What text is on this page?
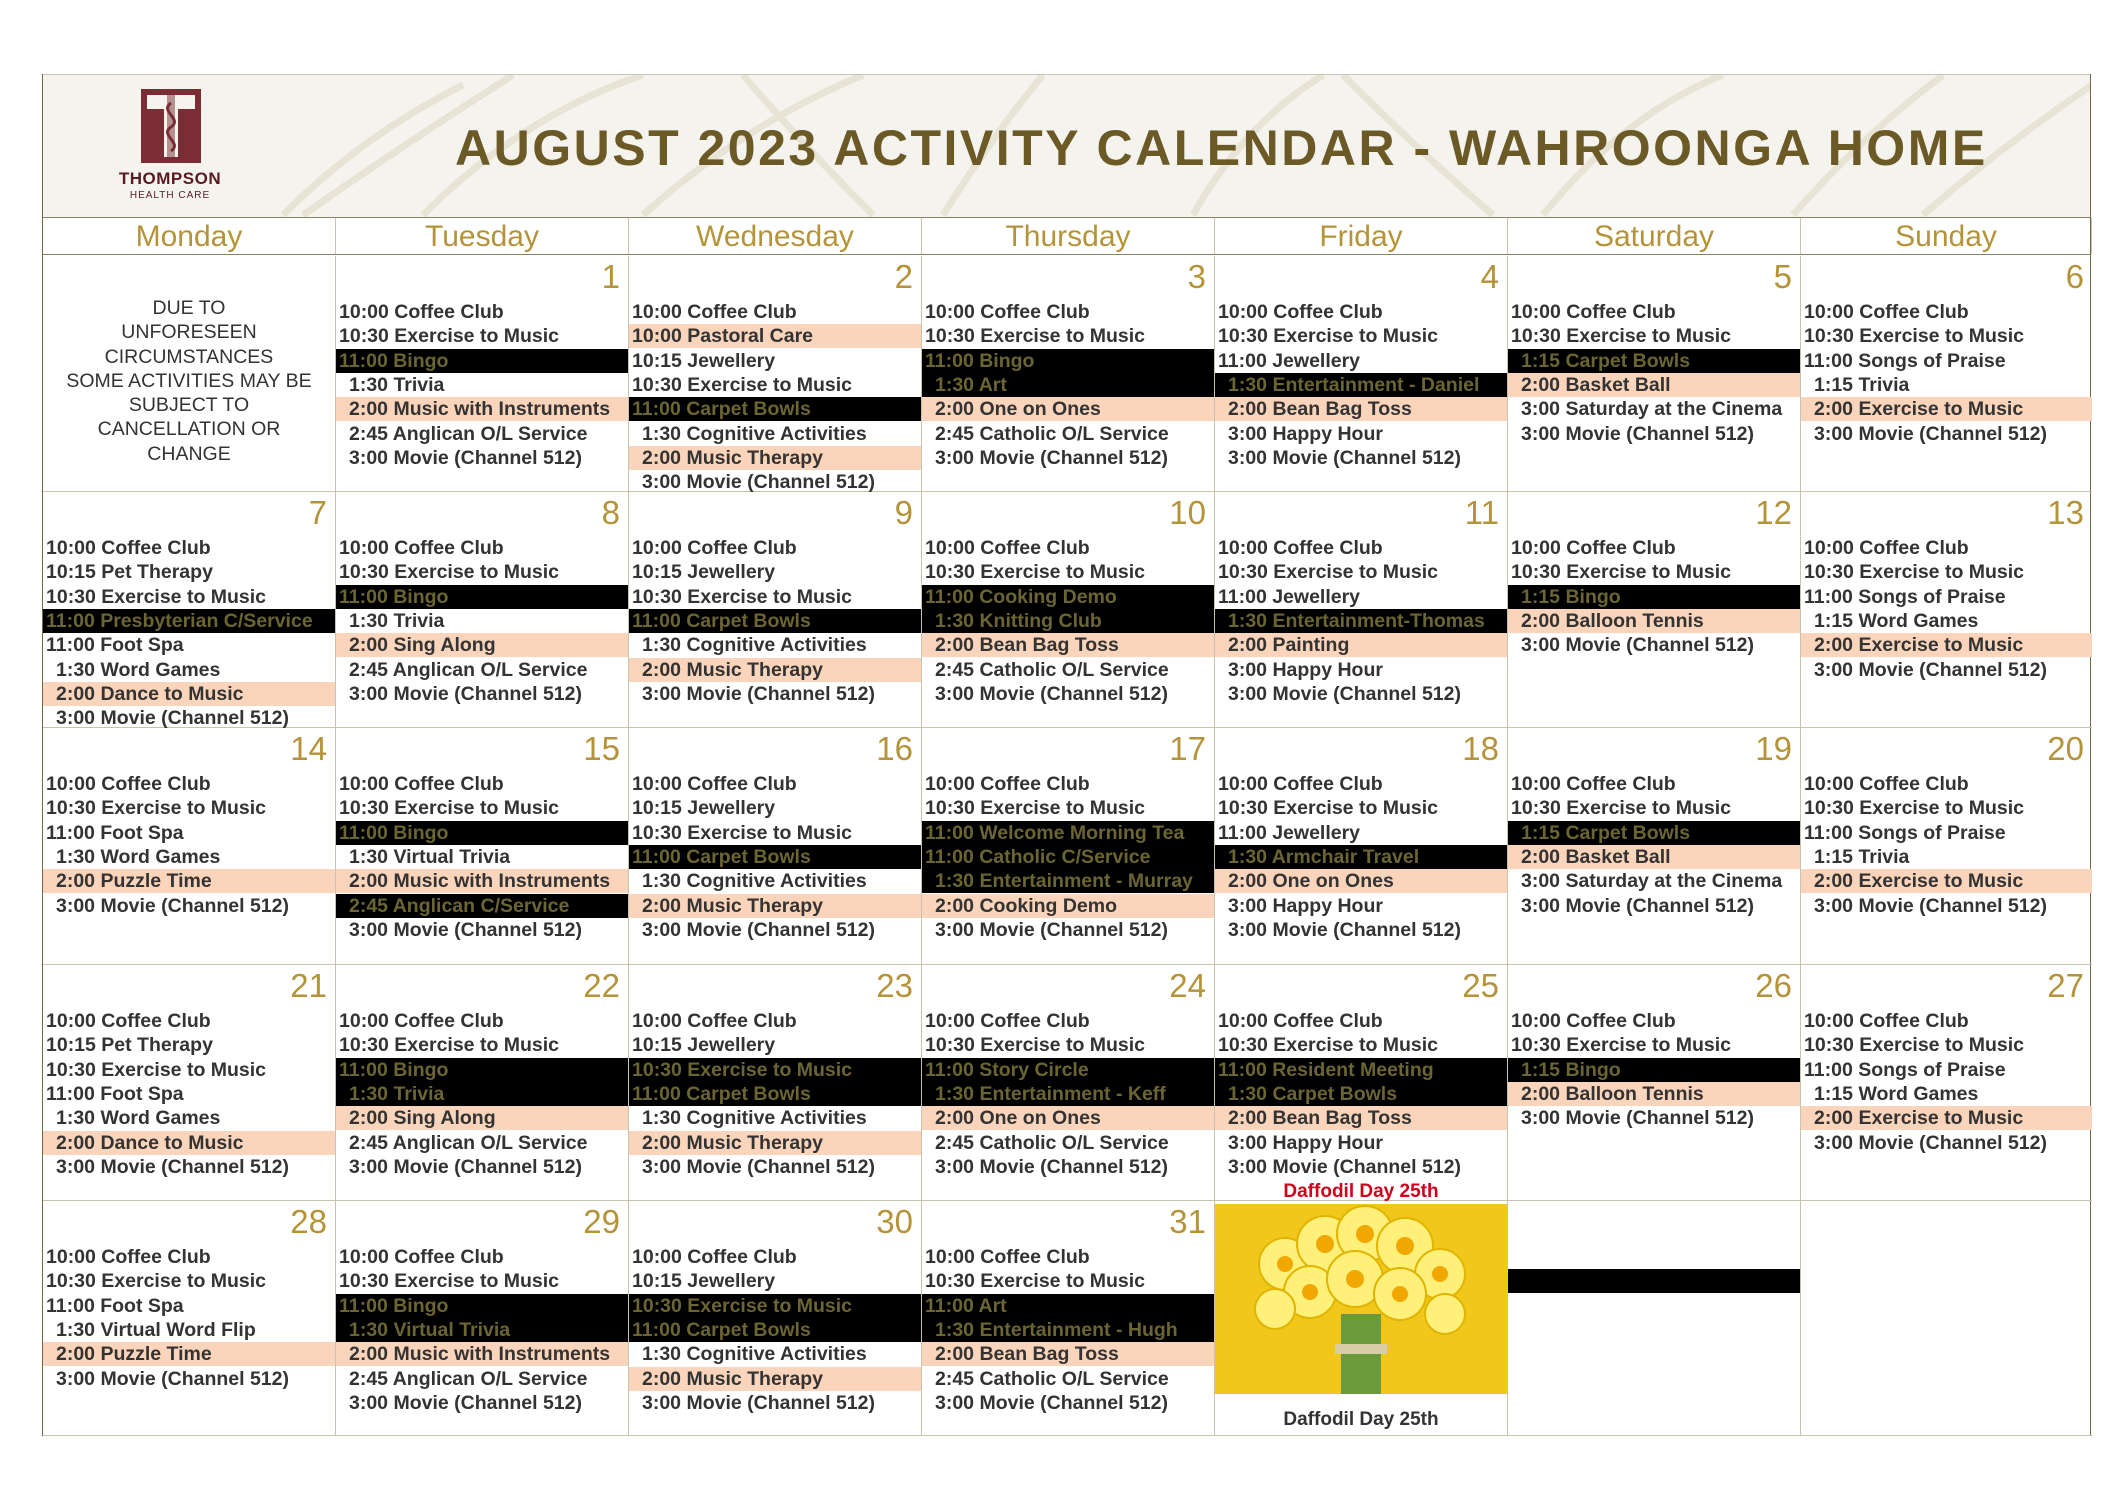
THOMPSON
HEALTH CARE
AUGUST 2023 ACTIVITY CALENDAR - WAHROONGA HOME
Monday	Tuesday	Wednesday	Thursday	Friday	Saturday	Sunday
DUE TO
UNFORESEEN
CIRCUMSTANCES
SOME ACTIVITIES MAY BE
SUBJECT TO
CANCELLATION OR
CHANGE
1
10:00 Coffee Club
10:30 Exercise to Music
11:00 Bingo
1:30 Trivia
2:00 Music with Instruments
2:45 Anglican O/L Service
3:00 Movie (Channel 512)
2
10:00 Coffee Club
10:00 Pastoral Care
10:15 Jewellery
10:30 Exercise to Music
11:00 Carpet Bowls
1:30 Cognitive Activities
2:00 Music Therapy
3:00 Movie (Channel 512)
3
10:00 Coffee Club
10:30 Exercise to Music
11:00 Bingo
1:30 Art
2:00 One on Ones
2:45 Catholic O/L Service
3:00 Movie (Channel 512)
4
10:00 Coffee Club
10:30 Exercise to Music
11:00 Jewellery
1:30 Entertainment - Daniel
2:00 Bean Bag Toss
3:00 Happy Hour
3:00 Movie (Channel 512)
5
10:00 Coffee Club
10:30 Exercise to Music
1:15 Carpet Bowls
2:00 Basket Ball
3:00 Saturday at the Cinema
3:00 Movie (Channel 512)
6
10:00 Coffee Club
10:30 Exercise to Music
11:00 Songs of Praise
1:15 Trivia
2:00 Exercise to Music
3:00 Movie (Channel 512)
7
10:00 Coffee Club
10:15 Pet Therapy
10:30 Exercise to Music
11:00 Presbyterian C/Service
11:00 Foot Spa
1:30 Word Games
2:00 Dance to Music
3:00 Movie (Channel 512)
8
10:00 Coffee Club
10:30 Exercise to Music
11:00 Bingo
1:30 Trivia
2:00 Sing Along
2:45 Anglican O/L Service
3:00 Movie (Channel 512)
9
10:00 Coffee Club
10:15 Jewellery
10:30 Exercise to Music
11:00 Carpet Bowls
1:30 Cognitive Activities
2:00 Music Therapy
3:00 Movie (Channel 512)
10
10:00 Coffee Club
10:30 Exercise to Music
11:00 Cooking Demo
1:30 Knitting Club
2:00 Bean Bag Toss
2:45 Catholic O/L Service
3:00 Movie (Channel 512)
11
10:00 Coffee Club
10:30 Exercise to Music
11:00 Jewellery
1:30 Entertainment-Thomas
2:00 Painting
3:00 Happy Hour
3:00 Movie (Channel 512)
12
10:00 Coffee Club
10:30 Exercise to Music
1:15 Bingo
2:00 Balloon Tennis
3:00 Movie (Channel 512)
13
10:00 Coffee Club
10:30 Exercise to Music
11:00 Songs of Praise
1:15 Word Games
2:00 Exercise to Music
3:00 Movie (Channel 512)
14
10:00 Coffee Club
10:30 Exercise to Music
11:00 Foot Spa
1:30 Word Games
2:00 Puzzle Time
3:00 Movie (Channel 512)
15
10:00 Coffee Club
10:30 Exercise to Music
11:00 Bingo
1:30 Virtual Trivia
2:00 Music with Instruments
2:45 Anglican C/Service
3:00 Movie (Channel 512)
16
10:00 Coffee Club
10:15 Jewellery
10:30 Exercise to Music
11:00 Carpet Bowls
1:30 Cognitive Activities
2:00 Music Therapy
3:00 Movie (Channel 512)
17
10:00 Coffee Club
10:30 Exercise to Music
11:00 Welcome Morning Tea
11:00 Catholic C/Service
1:30 Entertainment - Murray
2:00 Cooking Demo
3:00 Movie (Channel 512)
18
10:00 Coffee Club
10:30 Exercise to Music
11:00 Jewellery
1:30 Armchair Travel
2:00 One on Ones
3:00 Happy Hour
3:00 Movie (Channel 512)
19
10:00 Coffee Club
10:30 Exercise to Music
1:15 Carpet Bowls
2:00 Basket Ball
3:00 Saturday at the Cinema
3:00 Movie (Channel 512)
20
10:00 Coffee Club
10:30 Exercise to Music
11:00 Songs of Praise
1:15 Trivia
2:00 Exercise to Music
3:00 Movie (Channel 512)
21
10:00 Coffee Club
10:15 Pet Therapy
10:30 Exercise to Music
11:00 Foot Spa
1:30 Word Games
2:00 Dance to Music
3:00 Movie (Channel 512)
22
10:00 Coffee Club
10:30 Exercise to Music
11:00 Bingo
1:30 Trivia
2:00 Sing Along
2:45 Anglican O/L Service
3:00 Movie (Channel 512)
23
10:00 Coffee Club
10:15 Jewellery
10:30 Exercise to Music
11:00 Carpet Bowls
1:30 Cognitive Activities
2:00 Music Therapy
3:00 Movie (Channel 512)
24
10:00 Coffee Club
10:30 Exercise to Music
11:00 Story Circle
1:30 Entertainment - Keff
2:00 One on Ones
2:45 Catholic O/L Service
3:00 Movie (Channel 512)
25
10:00 Coffee Club
10:30 Exercise to Music
11:00 Resident Meeting
1:30 Carpet Bowls
2:00 Bean Bag Toss
3:00 Happy Hour
3:00 Movie (Channel 512)
Daffodil Day 25th
26
10:00 Coffee Club
10:30 Exercise to Music
1:15 Bingo
2:00 Balloon Tennis
3:00 Movie (Channel 512)
27
10:00 Coffee Club
10:30 Exercise to Music
11:00 Songs of Praise
1:15 Word Games
2:00 Exercise to Music
3:00 Movie (Channel 512)
28
10:00 Coffee Club
10:30 Exercise to Music
11:00 Foot Spa
1:30 Virtual Word Flip
2:00 Puzzle Time
3:00 Movie (Channel 512)
29
10:00 Coffee Club
10:30 Exercise to Music
11:00 Bingo
1:30 Virtual Trivia
2:00 Music with Instruments
2:45 Anglican O/L Service
3:00 Movie (Channel 512)
30
10:00 Coffee Club
10:15 Jewellery
10:30 Exercise to Music
11:00 Carpet Bowls
1:30 Cognitive Activities
2:00 Music Therapy
3:00 Movie (Channel 512)
31
10:00 Coffee Club
10:30 Exercise to Music
11:00 Art
1:30 Entertainment - Hugh
2:00 Bean Bag Toss
2:45 Catholic O/L Service
3:00 Movie (Channel 512)
Daffodil Day 25th
